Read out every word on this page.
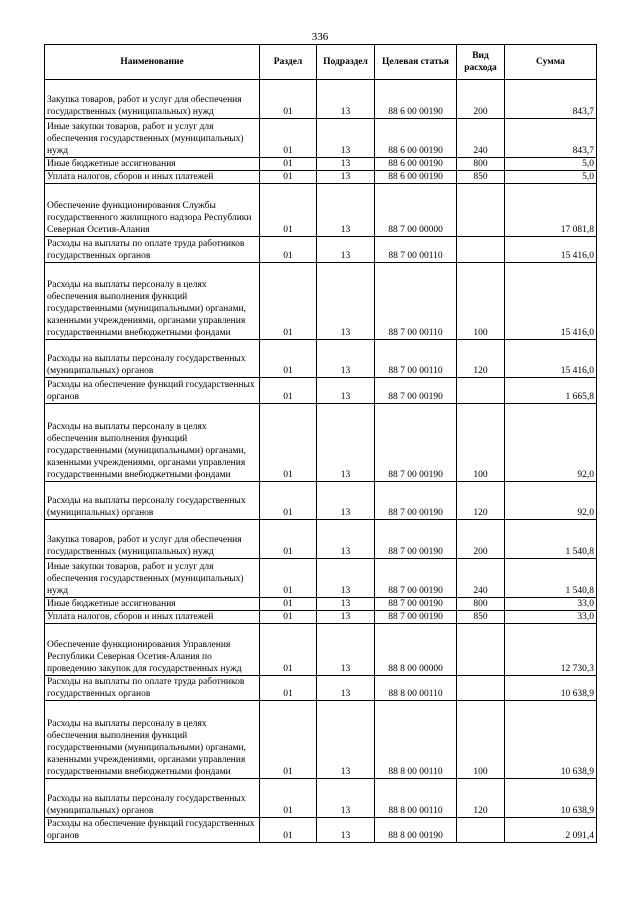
336
Наименование	Раздел	Подраздел	Целевая статья	Вид расхода	Сумма
Закупка товаров, работ и услуг для обеспечения государственных (муниципальных) нужд	01	13	88 6 00 00190	200	843,7
Иные закупки товаров, работ и услуг для обеспечения государственных (муниципальных) нужд	01	13	88 6 00 00190	240	843,7
Иные бюджетные ассигнования	01	13	88 6 00 00190	800	5,0
Уплата налогов, сборов и иных платежей	01	13	88 6 00 00190	850	5,0
Обеспечение функционирования Службы государственного жилищного надзора Республики Северная Осетия-Алания	01	13	88 7 00 00000		17 081,8
Расходы на выплаты по оплате труда работников государственных органов	01	13	88 7 00 00110		15 416,0
Расходы на выплаты персоналу в целях обеспечения выполнения функций государственными (муниципальными) органами, казенными учреждениями, органами управления государственными внебюджетными фондами	01	13	88 7 00 00110	100	15 416,0
Расходы на выплаты персоналу государственных (муниципальных) органов	01	13	88 7 00 00110	120	15 416,0
Расходы на обеспечение функций государственных органов	01	13	88 7 00 00190		1 665,8
Расходы на выплаты персоналу в целях обеспечения выполнения функций государственными (муниципальными) органами, казенными учреждениями, органами управления государственными внебюджетными фондами	01	13	88 7 00 00190	100	92,0
Расходы на выплаты персоналу государственных (муниципальных) органов	01	13	88 7 00 00190	120	92,0
Закупка товаров, работ и услуг для обеспечения государственных (муниципальных) нужд	01	13	88 7 00 00190	200	1 540,8
Иные закупки товаров, работ и услуг для обеспечения государственных (муниципальных) нужд	01	13	88 7 00 00190	240	1 540,8
Иные бюджетные ассигнования	01	13	88 7 00 00190	800	33,0
Уплата налогов, сборов и иных платежей	01	13	88 7 00 00190	850	33,0
Обеспечение функционирования Управления Республики Северная Осетия-Алания по проведению закупок для государственных нужд	01	13	88 8 00 00000		12 730,3
Расходы на выплаты по оплате труда работников государственных органов	01	13	88 8 00 00110		10 638,9
Расходы на выплаты персоналу в целях обеспечения выполнения функций государственными (муниципальными) органами, казенными учреждениями, органами управления государственными внебюджетными фондами	01	13	88 8 00 00110	100	10 638,9
Расходы на выплаты персоналу государственных (муниципальных) органов	01	13	88 8 00 00110	120	10 638,9
Расходы на обеспечение функций государственных органов	01	13	88 8 00 00190		2 091,4
